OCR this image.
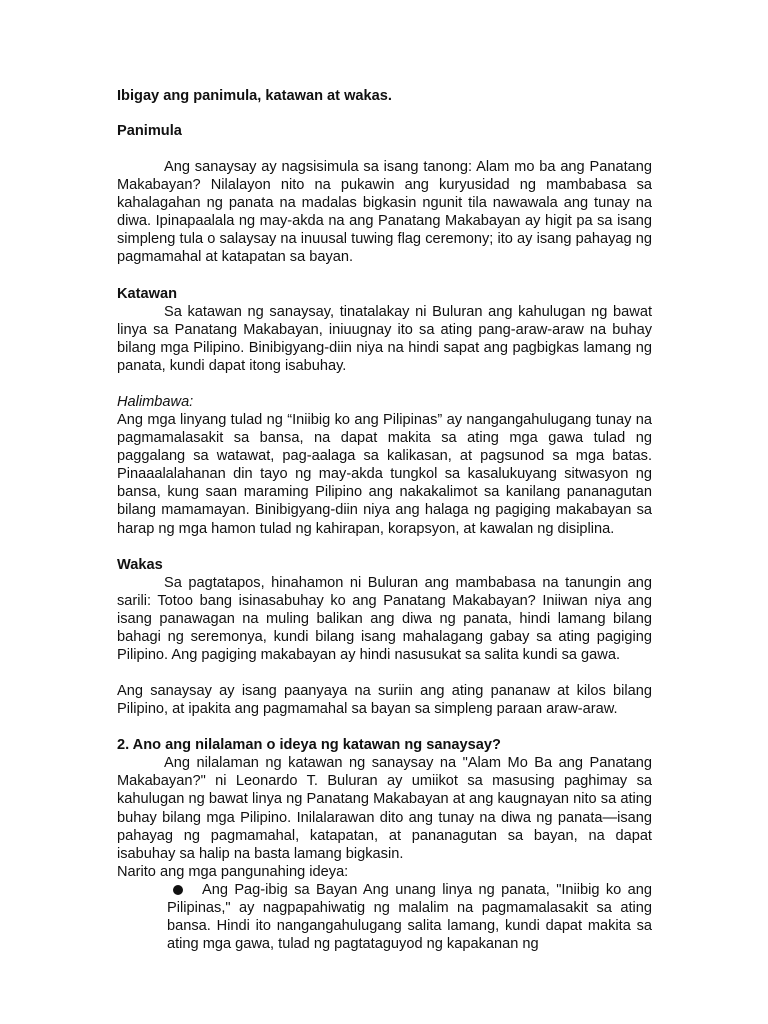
Ibigay ang panimula, katawan at wakas.

Panimula

Ang sanaysay ay nagsisimula sa isang tanong: Alam mo ba ang Panatang Makabayan? Nilalayon nito na pukawin ang kuryusidad ng mambabasa sa kahalagahan ng panata na madalas bigkasin ngunit tila nawawala ang tunay na diwa. Ipinapaalala ng may-akda na ang Panatang Makabayan ay higit pa sa isang simpleng tula o salaysay na inuusal tuwing flag ceremony; ito ay isang pahayag ng pagmamahal at katapatan sa bayan.

Katawan

Sa katawan ng sanaysay, tinatalakay ni Buluran ang kahulugan ng bawat linya sa Panatang Makabayan, iniuugnay ito sa ating pang-araw-araw na buhay bilang mga Pilipino. Binibigyang-diin niya na hindi sapat ang pagbigkas lamang ng panata, kundi dapat itong isabuhay.

Halimbawa:

Ang mga linyang tulad ng “Iniibig ko ang Pilipinas” ay nangangahulugang tunay na pagmamalasakit sa bansa, na dapat makita sa ating mga gawa tulad ng paggalang sa watawat, pag-aalaga sa kalikasan, at pagsunod sa mga batas. Pinaaalalahanan din tayo ng may-akda tungkol sa kasalukuyang sitwasyon ng bansa, kung saan maraming Pilipino ang nakakalimot sa kanilang pananagutan bilang mamamayan. Binibigyang-diin niya ang halaga ng pagiging makabayan sa harap ng mga hamon tulad ng kahirapan, korapsyon, at kawalan ng disiplina.

Wakas

Sa pagtatapos, hinahamon ni Buluran ang mambabasa na tanungin ang sarili: Totoo bang isinasabuhay ko ang Panatang Makabayan? Iniiwan niya ang isang panawagan na muling balikan ang diwa ng panata, hindi lamang bilang bahagi ng seremonya, kundi bilang isang mahalagang gabay sa ating pagiging Pilipino. Ang pagiging makabayan ay hindi nasusukat sa salita kundi sa gawa.

Ang sanaysay ay isang paanyaya na suriin ang ating pananaw at kilos bilang Pilipino, at ipakita ang pagmamahal sa bayan sa simpleng paraan araw-araw.

2. Ano ang nilalaman o ideya ng katawan ng sanaysay?

Ang nilalaman ng katawan ng sanaysay na "Alam Mo Ba ang Panatang Makabayan?" ni Leonardo T. Buluran ay umiikot sa masusing paghimay sa kahulugan ng bawat linya ng Panatang Makabayan at ang kaugnayan nito sa ating buhay bilang mga Pilipino. Inilalarawan dito ang tunay na diwa ng panata—isang pahayag ng pagmamahal, katapatan, at pananagutan sa bayan, na dapat isabuhay sa halip na basta lamang bigkasin.

Narito ang mga pangunahing ideya:

Ang Pag-ibig sa Bayan Ang unang linya ng panata, "Iniibig ko ang Pilipinas," ay nagpapahiwatig ng malalim na pagmamalasakit sa ating bansa. Hindi ito nangangahulugang salita lamang, kundi dapat makita sa ating mga gawa, tulad ng pagtataguyod ng kapakanan ng
